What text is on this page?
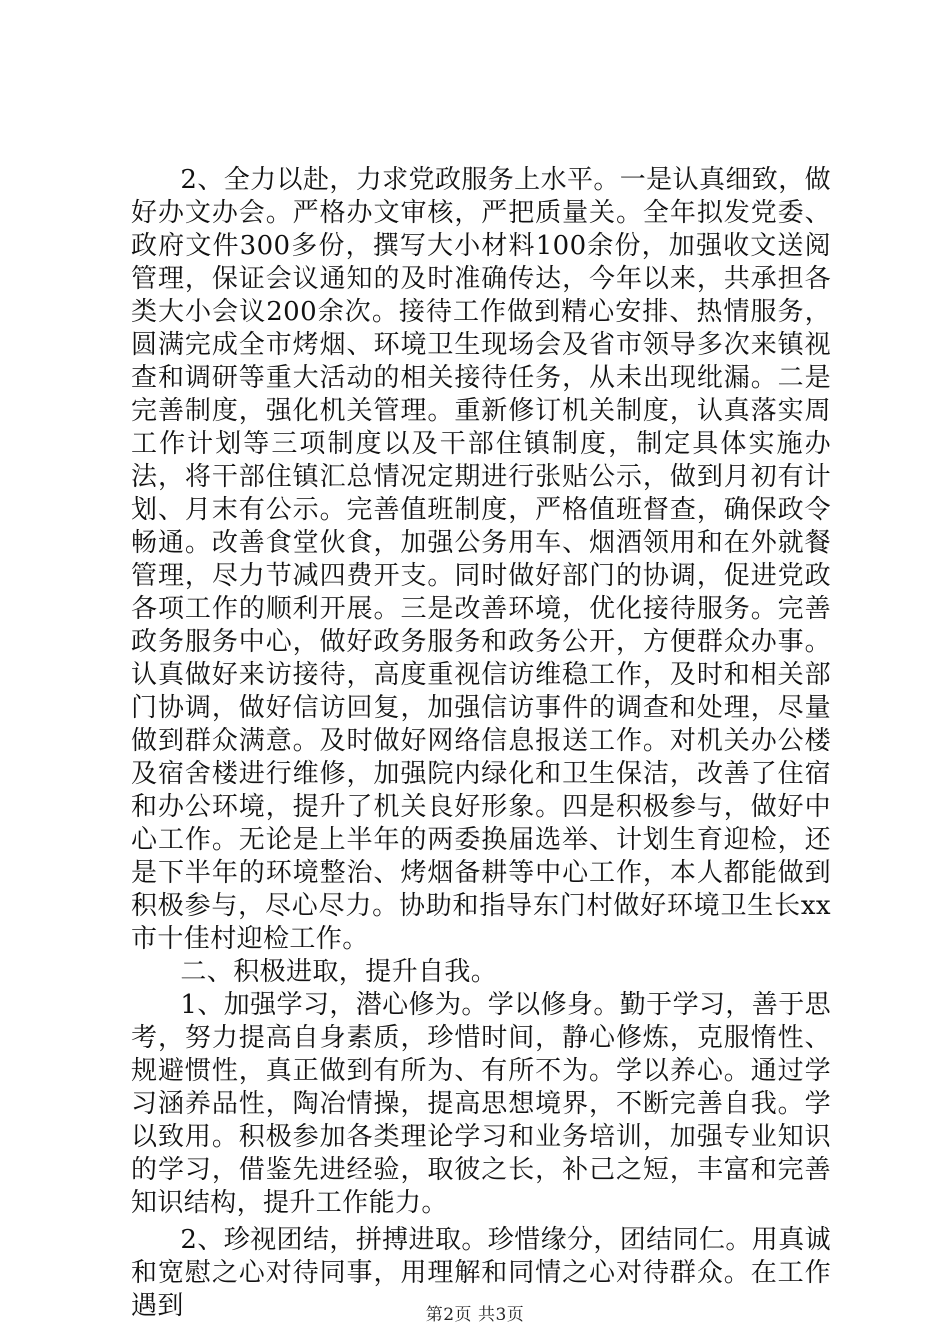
2、全力以赴，力求党政服务上水平。一是认真细致，做好办文办会。严格办文审核，严把质量关。全年拟发党委、政府文件300多份，撰写大小材料100余份，加强收文送阅管理，保证会议通知的及时准确传达，今年以来，共承担各类大小会议200余次。接待工作做到精心安排、热情服务，圆满完成全市烤烟、环境卫生现场会及省市领导多次来镇视查和调研等重大活动的相关接待任务，从未出现纰漏。二是完善制度，强化机关管理。重新修订机关制度，认真落实周工作计划等三项制度以及干部住镇制度，制定具体实施办法，将干部住镇汇总情况定期进行张贴公示，做到月初有计划、月末有公示。完善值班制度，严格值班督查，确保政令畅通。改善食堂伙食，加强公务用车、烟酒领用和在外就餐管理，尽力节减四费开支。同时做好部门的协调，促进党政各项工作的顺利开展。三是改善环境，优化接待服务。完善政务服务中心，做好政务服务和政务公开，方便群众办事。认真做好来访接待，高度重视信访维稳工作，及时和相关部门协调，做好信访回复，加强信访事件的调查和处理，尽量做到群众满意。及时做好网络信息报送工作。对机关办公楼及宿舍楼进行维修，加强院内绿化和卫生保洁，改善了住宿和办公环境，提升了机关良好形象。四是积极参与，做好中心工作。无论是上半年的两委换届选举、计划生育迎检，还是下半年的环境整治、烤烟备耕等中心工作，本人都能做到积极参与，尽心尽力。协助和指导东门村做好环境卫生长xx市十佳村迎检工作。

二、积极进取，提升自我。

1、加强学习，潜心修为。学以修身。勤于学习，善于思考，努力提高自身素质，珍惜时间，静心修炼，克服惰性、规避惯性，真正做到有所为、有所不为。学以养心。通过学习涵养品性，陶冶情操，提高思想境界，不断完善自我。学以致用。积极参加各类理论学习和业务培训，加强专业知识的学习，借鉴先进经验，取彼之长，补己之短，丰富和完善知识结构，提升工作能力。

2、珍视团结，拼搏进取。珍惜缘分，团结同仁。用真诚和宽慰之心对待同事，用理解和同情之心对待群众。在工作遇到	第2页 共3页
